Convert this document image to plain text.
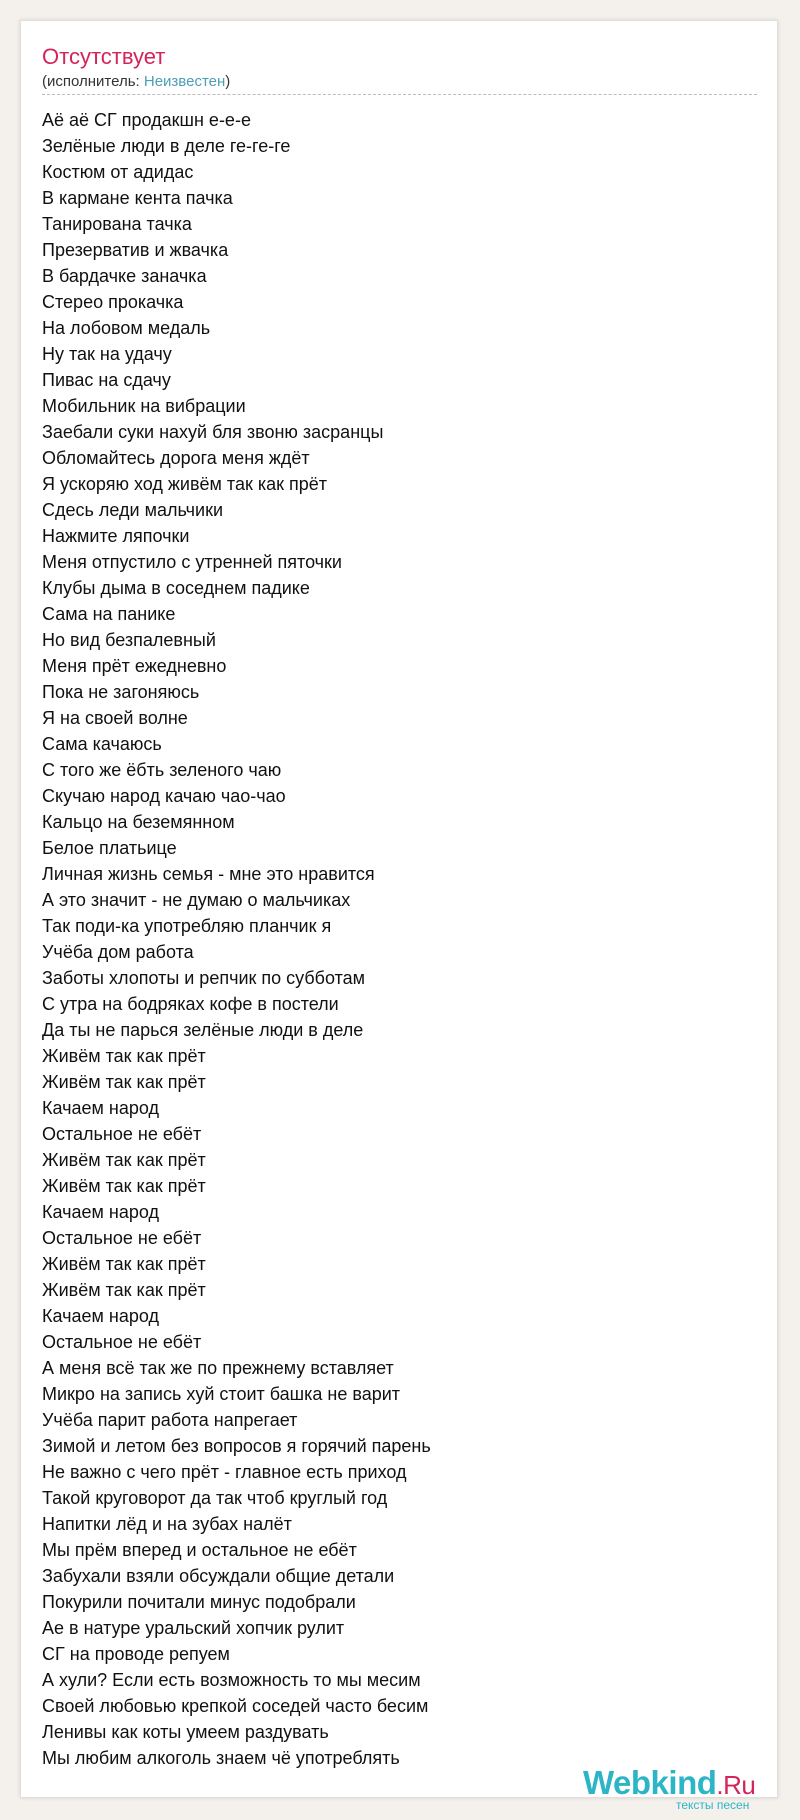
Отсутствует
(исполнитель: Неизвестен)
Аё аё СГ продакшн е-е-е
Зелёные люди в деле ге-ге-ге
Костюм от адидас
В кармане кента пачка
Танирована тачка
Презерватив и жвачка
В бардачке заначка
Стерео прокачка
На лобовом медаль
Ну так на удачу
Пивас на сдачу
Мобильник на вибрации
Заебали суки нахуй бля звоню засранцы
Обломайтесь дорога меня ждёт
Я ускоряю ход живём так как прёт
Сдесь леди мальчики
Нажмите ляпочки
Меня отпустило с утренней пяточки
Клубы дыма в соседнем падике
Сама на панике
Но вид безпалевный
Меня прёт ежедневно
Пока не загоняюсь
Я на своей волне
Сама качаюсь
С того же ёбть зеленого чаю
Скучаю народ качаю чао-чао
Кальцо на беземянном
Белое платьице
Личная жизнь семья - мне это нравится
А это значит - не думаю о мальчиках
Так поди-ка употребляю планчик я
Учёба дом работа
Заботы хлопоты и репчик по субботам
С утра на бодряках кофе в постели
Да ты не парься зелёные люди в деле
Живём так как прёт
Живём так как прёт
Качаем народ
Остальное не ебёт
Живём так как прёт
Живём так как прёт
Качаем народ
Остальное не ебёт
Живём так как прёт
Живём так как прёт
Качаем народ
Остальное не ебёт
А меня всё так же по прежнему вставляет
Микро на запись хуй стоит башка не варит
Учёба парит работа напрегает
Зимой и летом без вопросов я горячий парень
Не важно с чего прёт - главное есть приход
Такой круговорот да так чтоб круглый год
Напитки лёд и на зубах налёт
Мы прём вперед и остальное не ебёт
Забухали взяли обсуждали общие детали
Покурили почитали минус подобрали
Ае в натуре уральский хопчик рулит
СГ на проводе репуем
А хули? Если есть возможность то мы месим
Своей любовью крепкой соседей часто бесим
Ленивы как коты умеем раздувать
Мы любим алкоголь знаем чё употреблять
Webkind.Ru
тексты песен
